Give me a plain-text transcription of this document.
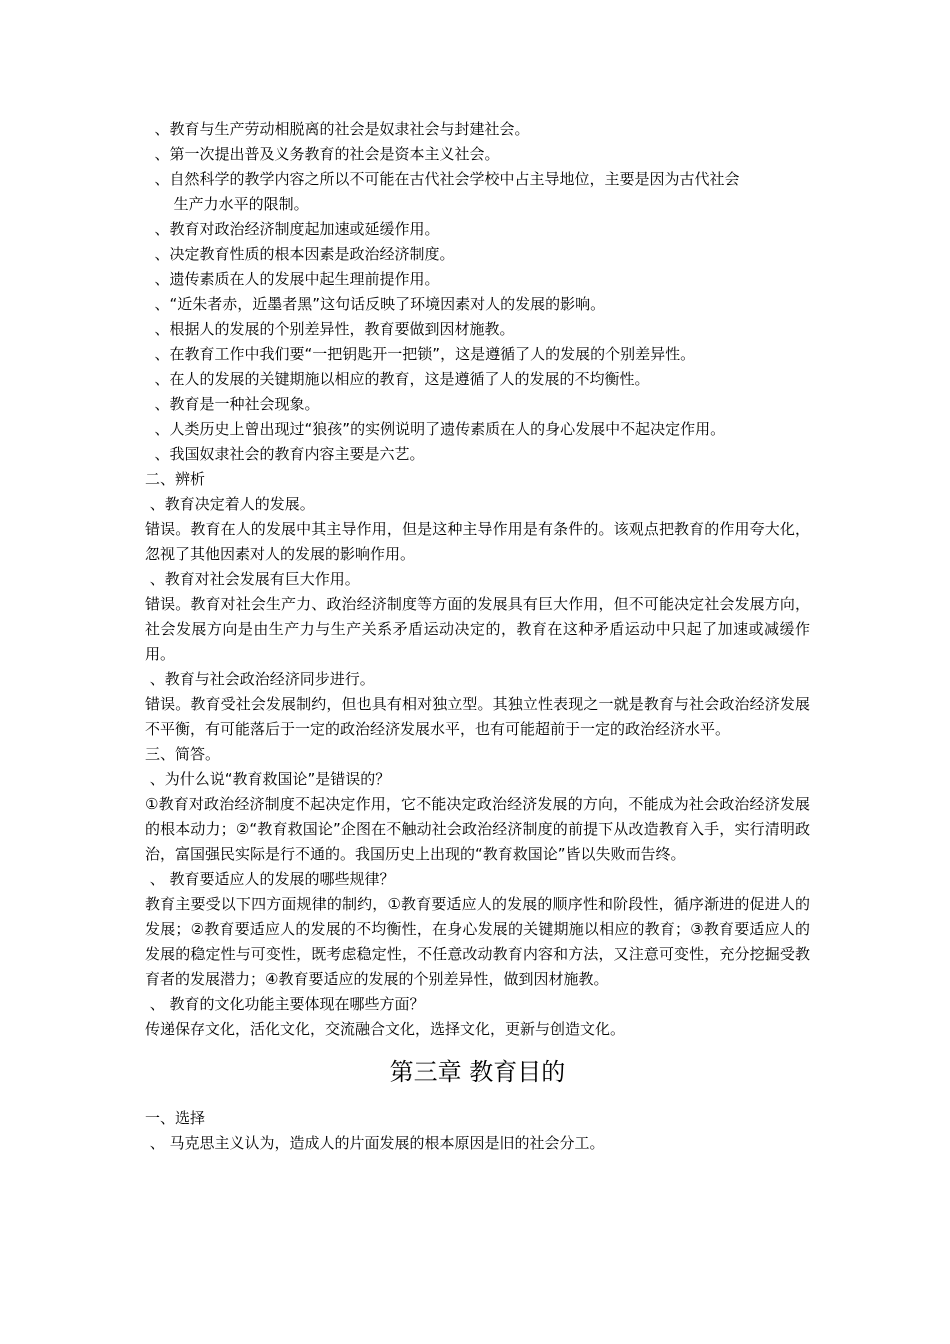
、教育与生产劳动相脱离的社会是奴隶社会与封建社会。

、第一次提出普及义务教育的社会是资本主义社会。

、自然科学的教学内容之所以不可能在古代社会学校中占主导地位，主要是因为古代社会

生产力水平的限制。

、教育对政治经济制度起加速或延缓作用。

、决定教育性质的根本因素是政治经济制度。

、遗传素质在人的发展中起生理前提作用。

、“近朱者赤，近墨者黑”这句话反映了环境因素对人的发展的影响。

、根据人的发展的个别差异性，教育要做到因材施教。

、在教育工作中我们要“一把钥匙开一把锁”，这是遵循了人的发展的个别差异性。

、在人的发展的关键期施以相应的教育，这是遵循了人的发展的不均衡性。

、教育是一种社会现象。

、人类历史上曾出现过“狼孩”的实例说明了遗传素质在人的身心发展中不起决定作用。

、我国奴隶社会的教育内容主要是六艺。

二、辨析

、教育决定着人的发展。

错误。教育在人的发展中其主导作用，但是这种主导作用是有条件的。该观点把教育的作用夸大化，忽视了其他因素对人的发展的影响作用。

、教育对社会发展有巨大作用。

错误。教育对社会生产力、政治经济制度等方面的发展具有巨大作用，但不可能决定社会发展方向，社会发展方向是由生产力与生产关系矛盾运动决定的，教育在这种矛盾运动中只起了加速或减缓作用。

、教育与社会政治经济同步进行。

错误。教育受社会发展制约，但也具有相对独立型。其独立性表现之一就是教育与社会政治经济发展不平衡，有可能落后于一定的政治经济发展水平，也有可能超前于一定的政治经济水平。

三、简答。

、为什么说“教育救国论”是错误的？

①教育对政治经济制度不起决定作用，它不能决定政治经济发展的方向，不能成为社会政治经济发展的根本动力；②“教育救国论”企图在不触动社会政治经济制度的前提下从改造教育入手，实行清明政治，富国强民实际是行不通的。我国历史上出现的“教育救国论”皆以失败而告终。

、 教育要适应人的发展的哪些规律？

教育主要受以下四方面规律的制约，①教育要适应人的发展的顺序性和阶段性，循序渐进的促进人的发展；②教育要适应人的发展的不均衡性，在身心发展的关键期施以相应的教育；③教育要适应人的发展的稳定性与可变性，既考虑稳定性，不任意改动教育内容和方法，又注意可变性，充分挖掘受教育者的发展潜力；④教育要适应的发展的个别差异性，做到因材施教。

、 教育的文化功能主要体现在哪些方面？

传递保存文化，活化文化，交流融合文化，选择文化，更新与创造文化。

第三章 教育目的

一、选择

、 马克思主义认为，造成人的片面发展的根本原因是旧的社会分工。
